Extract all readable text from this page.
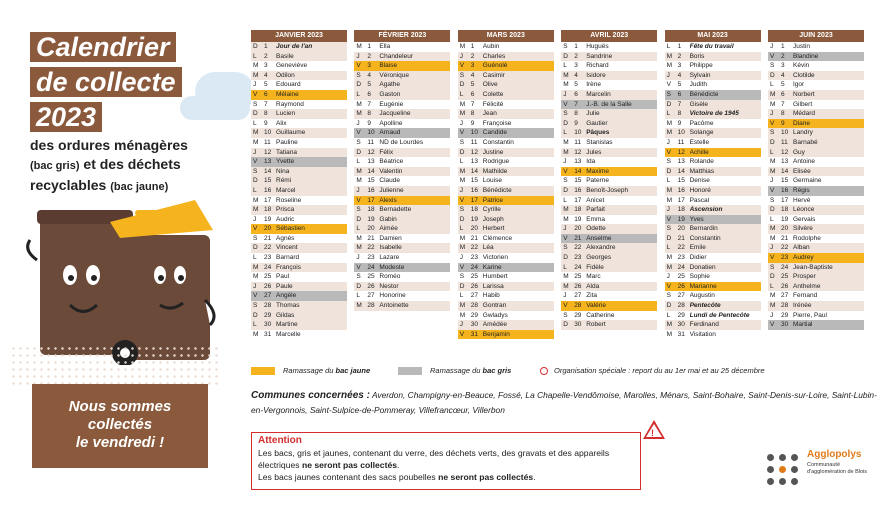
Calendrier
de collecte
2023
des ordures ménagères
(bac gris) et des déchets
recyclables (bac jaune)
Nous sommes
collectés
le vendredi !
JANVIER 2023
D 1	Jour de l'an
L	2	Basile
M 3	Geneviève
M 4	Odilon
J	5	Edouard
V	6	Mélaine
S	7	Raymond
D 8	Lucien
L	9	Alix
M 10 Guillaume
M 11 Pauline
J	12 Tatiana
V	13 Yvette
S	14 Nina
D 15 Rémi
L	16 Marcel
M 17 Roseline
M 18 Prisca
J	19 Audric
V	20 Sébastien
S	21 Agnès
D 22 Vincent
L	23 Barnard
M 24 François
M 25 Paul
J	26 Paule
V	27 Angèle
S	28 Thomas
D 29 Gildas
L	30 Martine
M 31 Marcelle
FÉVRIER 2023
M 1	Ella
J	2	Chandeleur
V	3	Blaise
S	4	Véronique
D 5	Agathe
L	6	Gaston
M 7	Eugénie
M 8	Jacqueline
J	9	Apolline
V	10 Arnaud
S	11 ND de Lourdes
D 12 Félix
L	13 Béatrice
M 14 Valentin
M 15 Claude
J	16 Julienne
V	17 Alexis
S	18 Bernadette
D 19 Gabin
L	20 Aimée
M 21 Damien
M 22 Isabelle
J	23 Lazare
V	24 Modeste
S	25 Roméo
D 26 Nestor
L	27 Honorine
M 28 Antoinette
MARS 2023
M 1	Aubin
J	2	Charles
V	3	Guénolé
S	4	Casimir
D 5	Olive
L	6	Colette
M 7	Félicité
M 8	Jean
J	9	Françoise
V	10 Candide
S	11 Constantin
D 12 Justine
L	13 Rodrigue
M 14 Mathilde
M 15 Louise
J	16 Bénédicte
V	17 Patrice
S	18 Cyrille
D 19 Joseph
L	20 Herbert
M 21 Clémence
M 22 Léa
J	23 Victorien
V	24 Karine
S	25 Humbert
D 26 Larissa
L	27 Habib
M 28 Gontran
M 29 Gwladys
J	30 Amédée
V	31 Benjamin
AVRIL 2023
S	1	Huguës
D 2	Sandrine
L	3	Richard
M 4	Isidore
M 5	Irène
J	6	Marcelin
V	7	J.-B. de la Salle
S	8	Julie
D 9	Gautier
L	10 Pâques
M 11 Stanislas
M 12 Jules
J	13 Ida
V	14 Maxime
S	15 Paterne
D 16 Benoît-Joseph
L	17 Anicet
M 18 Parfait
M 19 Emma
J	20 Odette
V	21 Anselme
S	22 Alexandre
D 23 Georges
L	24 Fidèle
M 25 Marc
M 26 Alda
J	27 Zita
V	28 Valérie
S	29 Catherine
D 30 Robert
MAI 2023
L	1	Fête du travail
M 2	Boris
M 3	Philippe
J	4	Sylvain
V	5	Judith
S	6	Bénédicte
D 7	Gisèle
L	8	Victoire de 1945
M 9	Pacôme
M 10 Solange
J	11 Estelle
V	12 Achille
S	13 Rolande
D 14 Matthias
L	15 Denise
M 16 Honoré
M 17 Pascal
J	18 Ascension
V	19 Yves
S	20 Bernardin
D 21 Constantin
L	22 Emile
M 23 Didier
M 24 Donatien
J	25 Sophie
V	26 Marianne
S	27 Augustin
D 28 Pentecôte
L	29 Lundi de Pentecôte
M 30 Ferdinand
M 31 Visitation
JUIN 2023
J	1	Justin
V	2	Blandine
S	3	Kévin
D 4	Clotilde
L	5	Igor
M 6	Norbert
M 7	Gilbert
J	8	Médard
V	9	Diane
S	10 Landry
D 11 Barnabé
L	12 Guy
M 13 Antoine
M 14 Elisée
J	15 Germaine
V	16 Régis
S	17 Hervé
D 18 Léonce
L	19 Gervais
M 20 Silvère
M 21 Rodolphe
J	22 Alban
V	23 Audrey
S	24 Jean-Baptiste
D 25 Prosper
L	26 Anthelme
M 27 Fernand
M 28 Irénée
J	29 Pierre, Paul
V	30 Martial
Ramassage du
bac jaune	Ramassage du
bac gris	Organisation spéciale : report du au 1er mai et au 25 décembre
Communes concernées : Averdon, Champigny-en-Beauce, Fossé, La Chapelle-Vendômoise, Marolles, Ménars, Saint-Bohaire, Saint-Denis-sur-Loire, Saint-Lubin-en-Vergonnois, Saint-Sulpice-de-Pommeray, Villefrancœur, Villerbon
Attention
Les bacs, gris et jaunes, contenant du verre, des déchets verts, des gravats et des appareils électriques ne seront pas collectés.
Les bacs jaunes contenant des sacs poubelles ne seront pas collectés.
!
Agglopolys
Communauté d'agglomération de Blois
